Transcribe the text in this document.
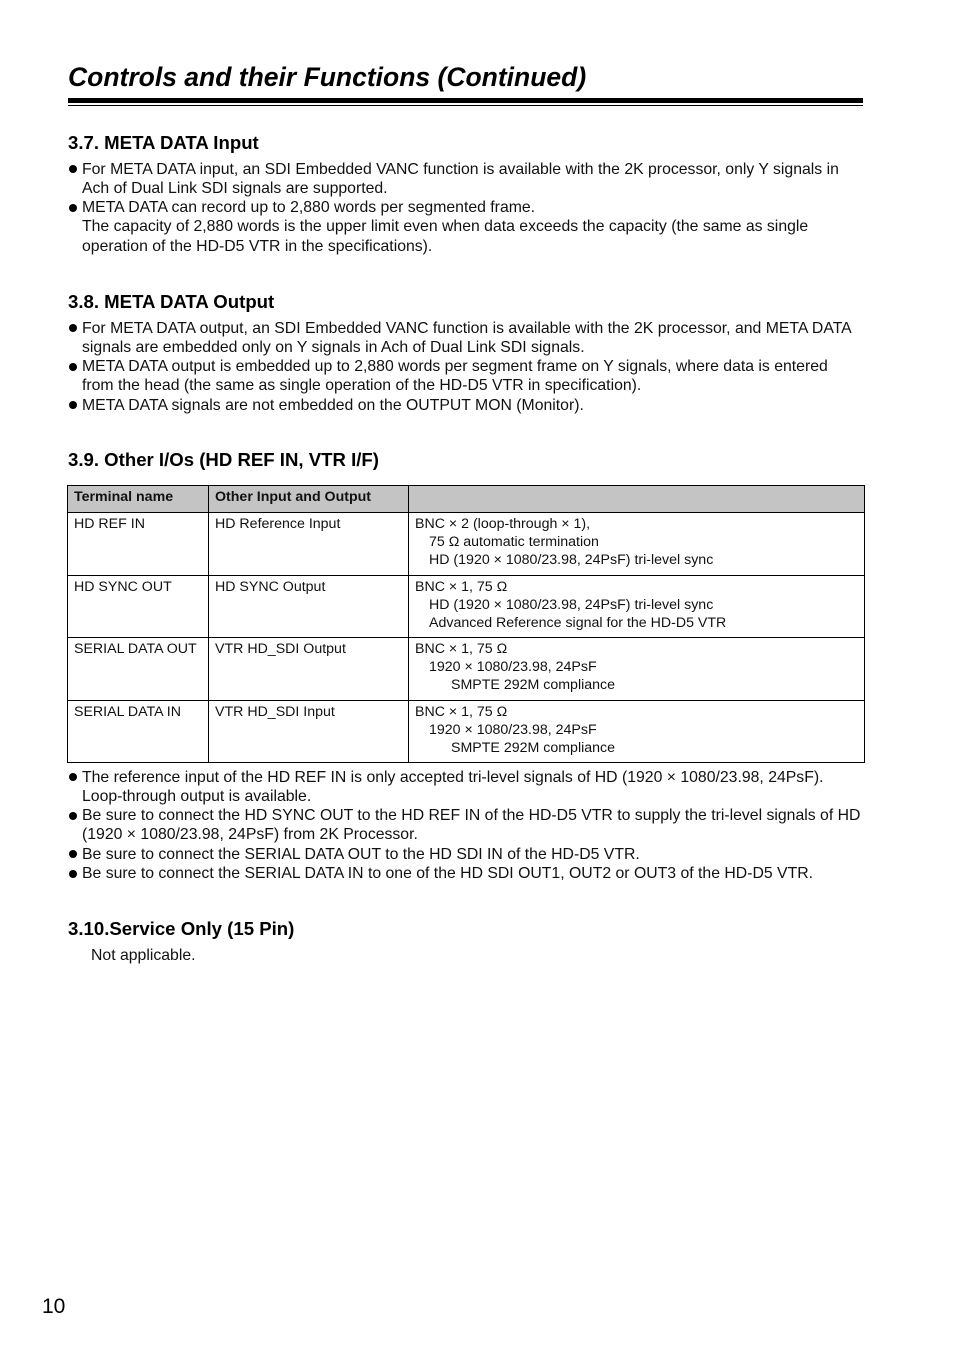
Controls and their Functions (Continued)
3.7. META DATA Input
For META DATA input, an SDI Embedded VANC function is available with the 2K processor, only Y signals in
Ach of Dual Link SDI signals are supported.
META DATA can record up to 2,880 words per segmented frame.
The capacity of 2,880 words is the upper limit even when data exceeds the capacity (the same as single
operation of the HD-D5 VTR in the specifications).
3.8. META DATA Output
For META DATA output, an SDI Embedded VANC function is available with the 2K processor, and META DATA
signals are embedded only on Y signals in Ach of Dual Link SDI signals.
META DATA output is embedded up to 2,880 words per segment frame on Y signals, where data is entered
from the head (the same as single operation of the HD-D5 VTR in specification).
META DATA signals are not embedded on the OUTPUT MON (Monitor).
3.9. Other I/Os (HD REF IN, VTR I/F)
Terminal name	Other Input and Output	
HD REF IN	HD Reference Input	BNC × 2 (loop-through × 1),
75 Ω automatic termination
HD (1920 × 1080/23.98, 24PsF) tri-level sync

HD SYNC OUT	HD SYNC Output	BNC × 1, 75 Ω
HD (1920 × 1080/23.98, 24PsF) tri-level sync
Advanced Reference signal for the HD-D5 VTR

SERIAL DATA OUT	VTR HD_SDI Output	BNC × 1, 75 Ω
1920 × 1080/23.98, 24PsF
SMPTE 292M compliance

SERIAL DATA IN	VTR HD_SDI Input	BNC × 1, 75 Ω
1920 × 1080/23.98, 24PsF
SMPTE 292M compliance
The reference input of the HD REF IN is only accepted tri-level signals of HD (1920 × 1080/23.98, 24PsF).
Loop-through output is available.
Be sure to connect the HD SYNC OUT to the HD REF IN of the HD-D5 VTR to supply the tri-level signals of HD
(1920 × 1080/23.98, 24PsF) from 2K Processor.
Be sure to connect the SERIAL DATA OUT to the HD SDI IN of the HD-D5 VTR.
Be sure to connect the SERIAL DATA IN to one of the HD SDI OUT1, OUT2 or OUT3 of the HD-D5 VTR.
3.10.Service Only (15 Pin)

Not applicable.

10
